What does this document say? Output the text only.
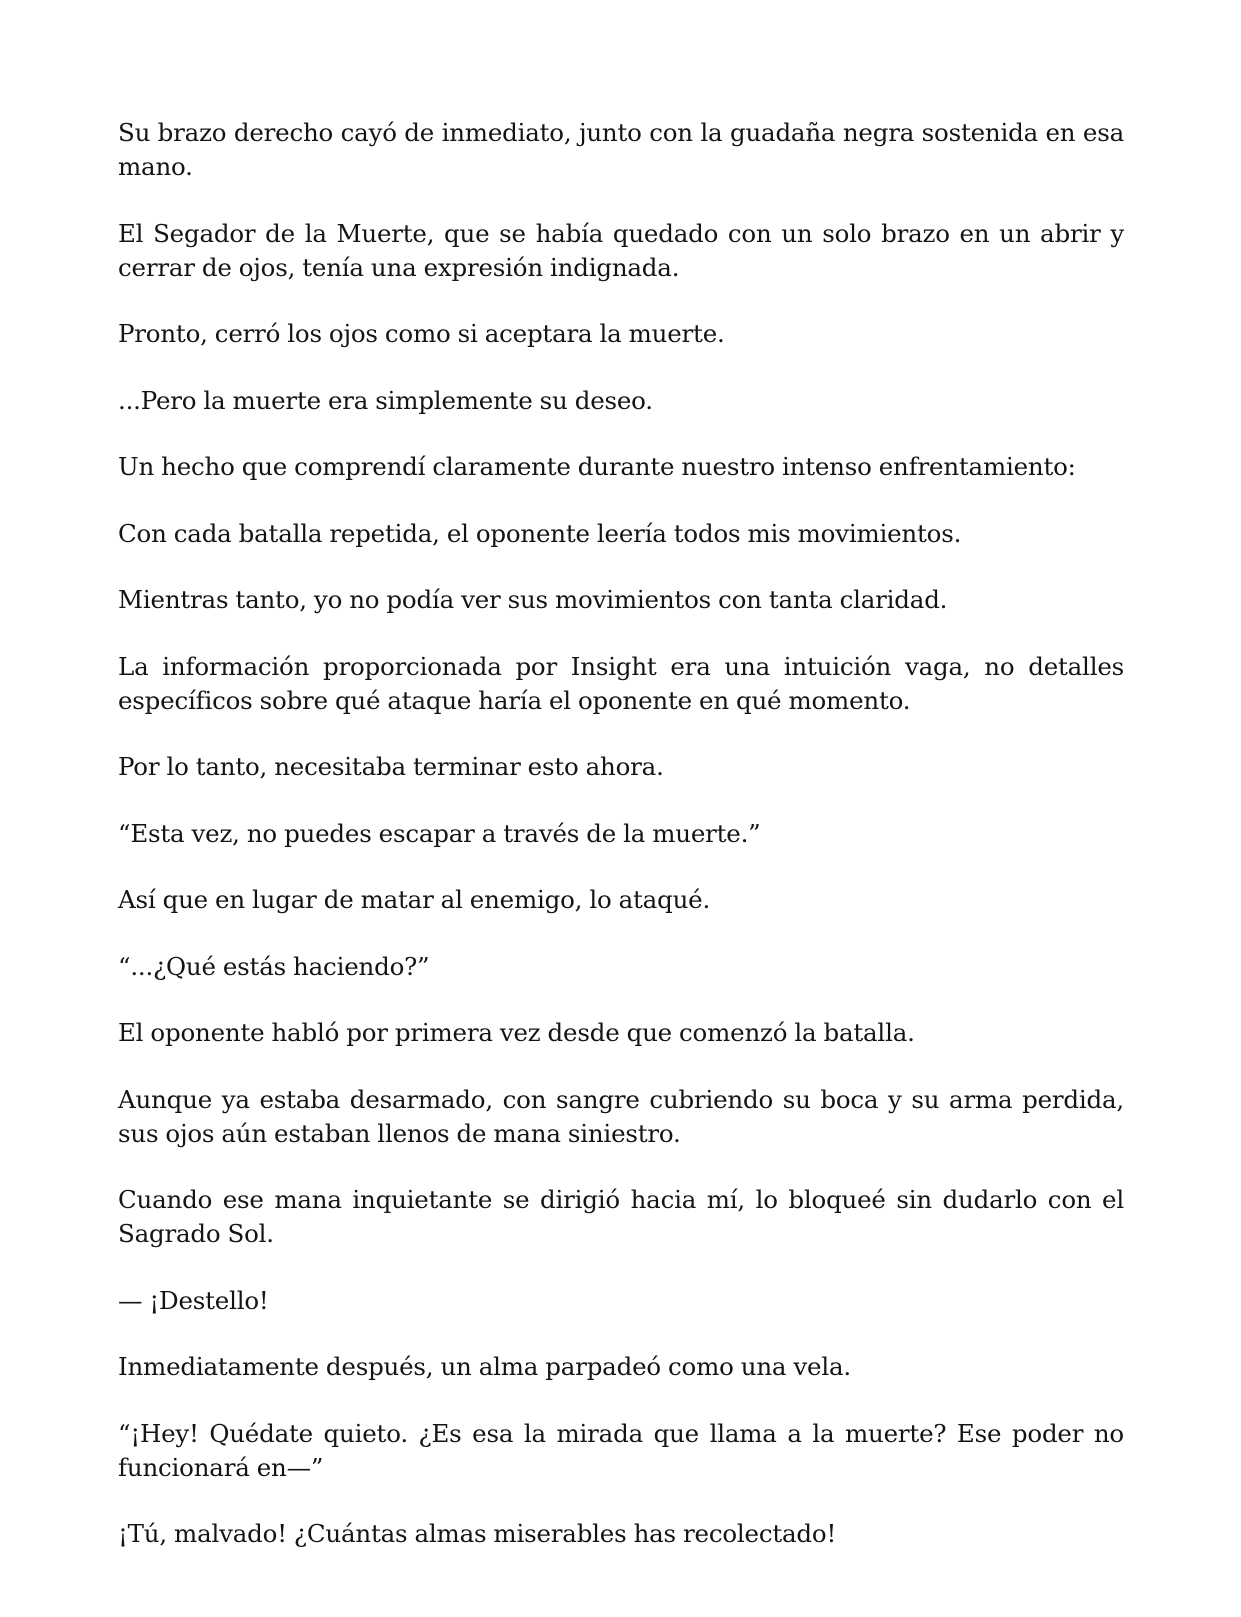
Su brazo derecho cayó de inmediato, junto con la guadaña negra sostenida en esa mano.

El Segador de la Muerte, que se había quedado con un solo brazo en un abrir y cerrar de ojos, tenía una expresión indignada.

Pronto, cerró los ojos como si aceptara la muerte.

...Pero la muerte era simplemente su deseo.

Un hecho que comprendí claramente durante nuestro intenso enfrentamiento:

Con cada batalla repetida, el oponente leería todos mis movimientos.

Mientras tanto, yo no podía ver sus movimientos con tanta claridad.

La información proporcionada por Insight era una intuición vaga, no detalles específicos sobre qué ataque haría el oponente en qué momento.

Por lo tanto, necesitaba terminar esto ahora.

“Esta vez, no puedes escapar a través de la muerte.”

Así que en lugar de matar al enemigo, lo ataqué.

“...¿Qué estás haciendo?”

El oponente habló por primera vez desde que comenzó la batalla.

Aunque ya estaba desarmado, con sangre cubriendo su boca y su arma perdida, sus ojos aún estaban llenos de mana siniestro.

Cuando ese mana inquietante se dirigió hacia mí, lo bloqueé sin dudarlo con el Sagrado Sol.

— ¡Destello!

Inmediatamente después, un alma parpadeó como una vela.

“¡Hey! Quédate quieto. ¿Es esa la mirada que llama a la muerte? Ese poder no funcionará en—”

¡Tú, malvado! ¿Cuántas almas miserables has recolectado!
